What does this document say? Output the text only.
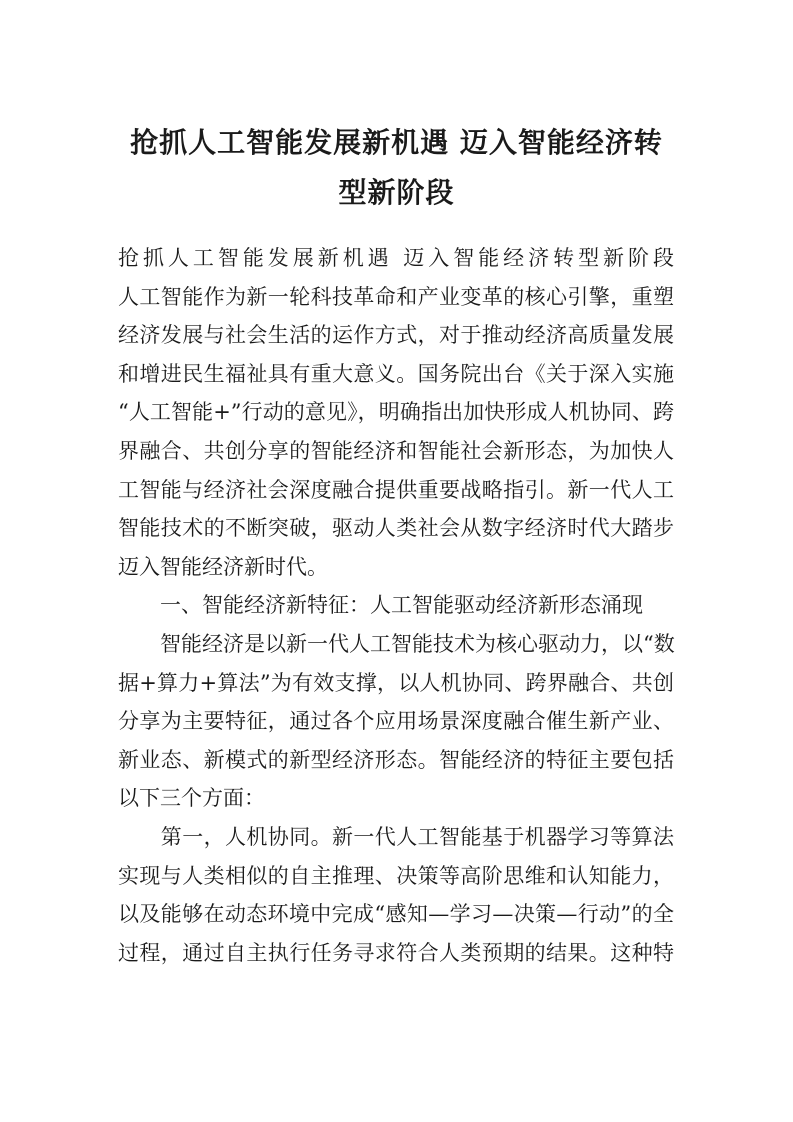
抢抓人工智能发展新机遇 迈入智能经济转
型新阶段
抢抓人工智能发展新机遇 迈入智能经济转型新阶段
人工智能作为新一轮科技革命和产业变革的核心引擎，重塑
经济发展与社会生活的运作方式，对于推动经济高质量发展
和增进民生福祉具有重大意义。国务院出台《关于深入实施
“人工智能+”行动的意见》，明确指出加快形成人机协同、跨
界融合、共创分享的智能经济和智能社会新形态，为加快人
工智能与经济社会深度融合提供重要战略指引。新一代人工
智能技术的不断突破，驱动人类社会从数字经济时代大踏步
迈入智能经济新时代。
　　一、智能经济新特征：人工智能驱动经济新形态涌现
　　智能经济是以新一代人工智能技术为核心驱动力，以“数
据+算力+算法”为有效支撑，以人机协同、跨界融合、共创
分享为主要特征，通过各个应用场景深度融合催生新产业、
新业态、新模式的新型经济形态。智能经济的特征主要包括
以下三个方面：
　　第一，人机协同。新一代人工智能基于机器学习等算法
实现与人类相似的自主推理、决策等高阶思维和认知能力，
以及能够在动态环境中完成“感知—学习—决策—行动”的全
过程，通过自主执行任务寻求符合人类预期的结果。这种特
